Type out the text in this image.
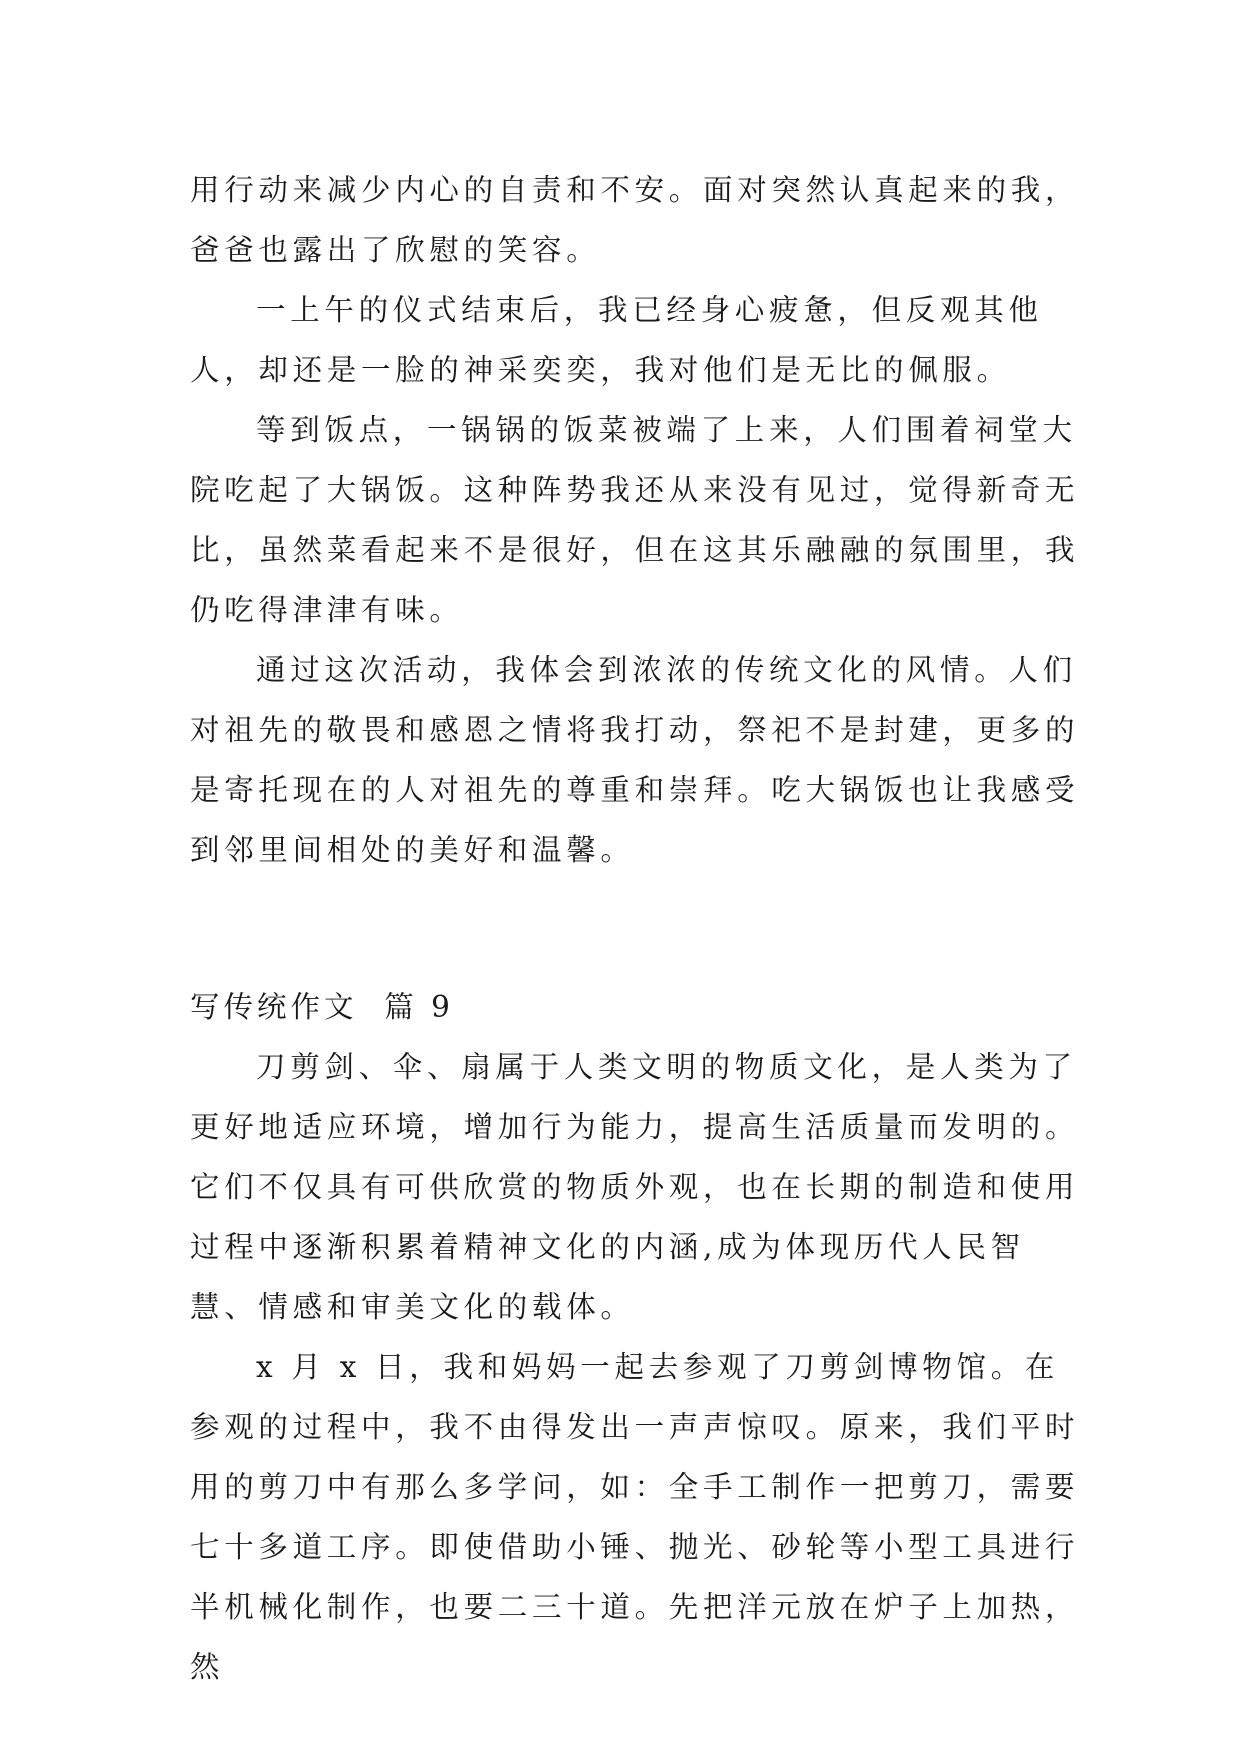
用行动来减少内心的自责和不安。面对突然认真起来的我，爸爸也露出了欣慰的笑容。

一上午的仪式结束后，我已经身心疲惫，但反观其他人，却还是一脸的神采奕奕，我对他们是无比的佩服。

等到饭点，一锅锅的饭菜被端了上来，人们围着祠堂大院吃起了大锅饭。这种阵势我还从来没有见过，觉得新奇无比，虽然菜看起来不是很好，但在这其乐融融的氛围里，我仍吃得津津有味。

通过这次活动，我体会到浓浓的传统文化的风情。人们对祖先的敬畏和感恩之情将我打动，祭祀不是封建，更多的是寄托现在的人对祖先的尊重和崇拜。吃大锅饭也让我感受到邻里间相处的美好和温馨。

写传统作文  篇 9

刀剪剑、伞、扇属于人类文明的物质文化，是人类为了更好地适应环境，增加行为能力，提高生活质量而发明的。它们不仅具有可供欣赏的物质外观，也在长期的制造和使用过程中逐渐积累着精神文化的内涵,成为体现历代人民智慧、情感和审美文化的载体。

x 月 x 日，我和妈妈一起去参观了刀剪剑博物馆。在参观的过程中，我不由得发出一声声惊叹。原来，我们平时用的剪刀中有那么多学问，如：全手工制作一把剪刀，需要七十多道工序。即使借助小锤、抛光、砂轮等小型工具进行半机械化制作，也要二三十道。先把洋元放在炉子上加热，然
